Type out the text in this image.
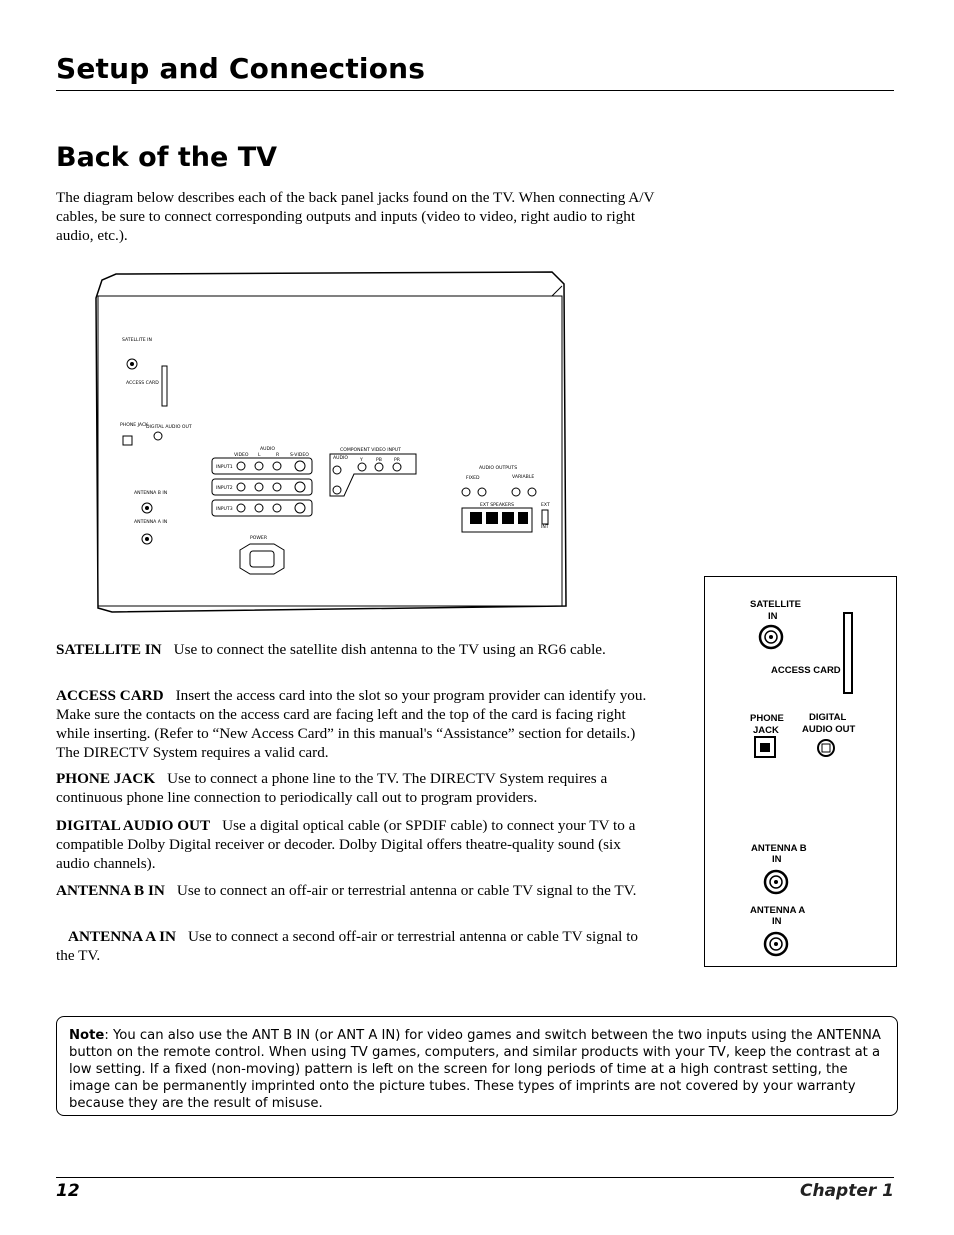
Setup and Connections
Back of the TV

The diagram below describes each of the back panel jacks found on the TV. When connecting A/V cables, be sure to connect corresponding outputs and inputs (video to video, right audio to right audio, etc.).

SATELLITE IN
ACCESS CARD
PHONE JACK
DIGITAL AUDIO OUT
ANTENNA B IN
ANTENNA A IN
AUDIO
VIDEO L	R S-VIDEO
INPUT1
INPUT2
INPUT3
COMPONENT VIDEO INPUT
AUDIO	Y	PB	PR
AUDIO OUTPUTS
FIXED	VARIABLE
EXT SPEAKERS	EXT
INT
POWER
SATELLITE
IN
ACCESS CARD
PHONE
JACK
DIGITAL
AUDIO OUT
ANTENNA B
IN
ANTENNA A
IN

SATELLITE IN Use to connect the satellite dish antenna to the TV using an RG6 cable.

ACCESS CARD Insert the access card into the slot so your program provider can identify you. Make sure the contacts on the access card are facing left and the top of the card is facing right while inserting. (Refer to “New Access Card” in this manual's “Assistance” section for details.) The DIRECTV System requires a valid card.

PHONE JACK Use to connect a phone line to the TV. The DIRECTV System requires a continuous phone line connection to periodically call out to program providers.

DIGITAL AUDIO OUT Use a digital optical cable (or SPDIF cable) to connect your TV to a compatible Dolby Digital receiver or decoder. Dolby Digital offers theatre-quality sound (six audio channels).

ANTENNA B IN Use to connect an off-air or terrestrial antenna or cable TV signal to the TV.

ANTENNA A IN Use to connect a second off-air or terrestrial antenna or cable TV signal to the TV.

Note: You can also use the ANT B IN (or ANT A IN) for video games and switch between the two inputs using the ANTENNA button on the remote control. When using TV games, computers, and similar products with your TV, keep the contrast at a low setting. If a fixed (non-moving) pattern is left on the screen for long periods of time at a high contrast setting, the image can be permanently imprinted onto the picture tubes. These types of imprints are not covered by your warranty because they are the result of misuse.
12	Chapter 1
